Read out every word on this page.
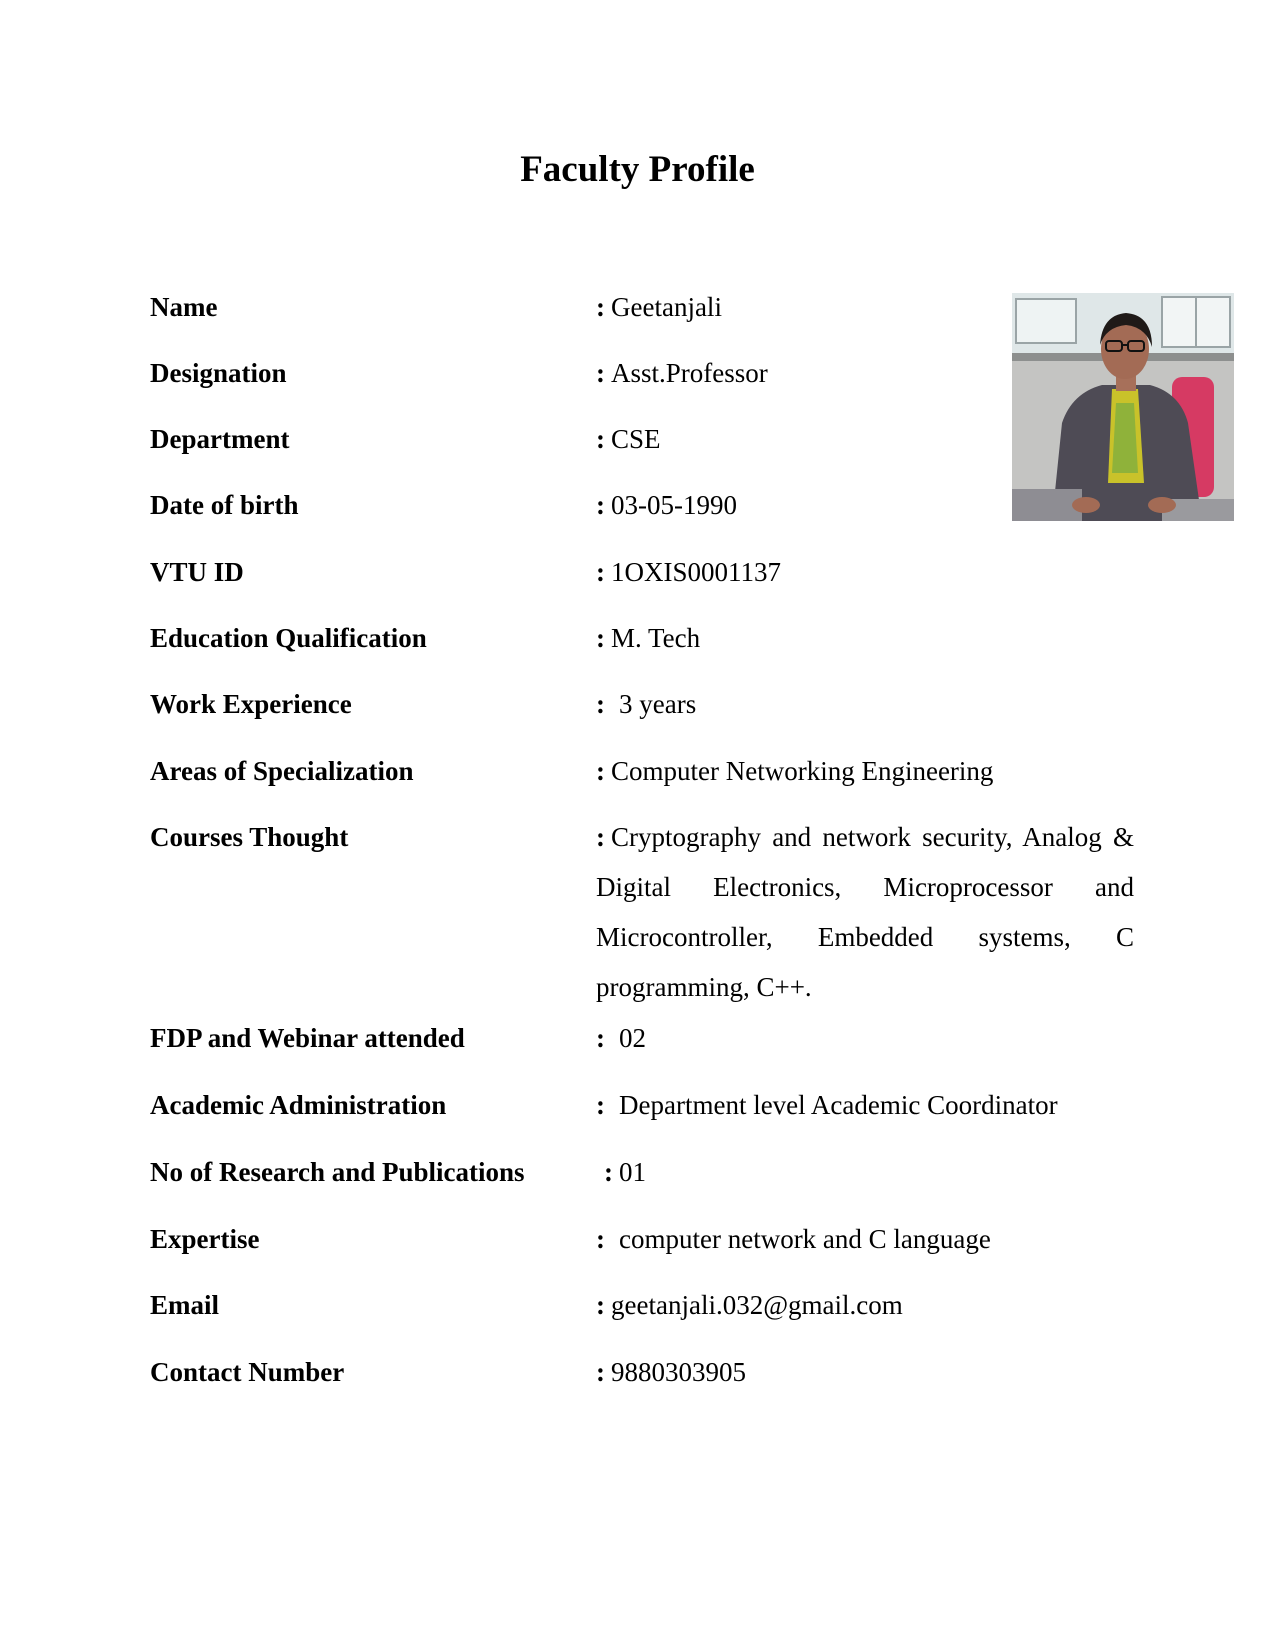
Faculty Profile
Name	: Geetanjali
Designation	: Asst.Professor
Department	: CSE
Date of birth	: 03-05-1990
VTU ID	: 1OXIS0001137
Education Qualification	: M. Tech
Work Experience	: 3 years
Areas of Specialization	: Computer Networking Engineering
Courses Thought	: Cryptography and network security, Analog & Digital Electronics, Microprocessor and Microcontroller, Embedded systems, C programming, C++.
FDP and Webinar attended	: 02
Academic Administration	: Department level Academic Coordinator
No of Research and Publications	: 01
Expertise	: computer network and C language
Email	: geetanjali.032@gmail.com
Contact Number	: 9880303905
